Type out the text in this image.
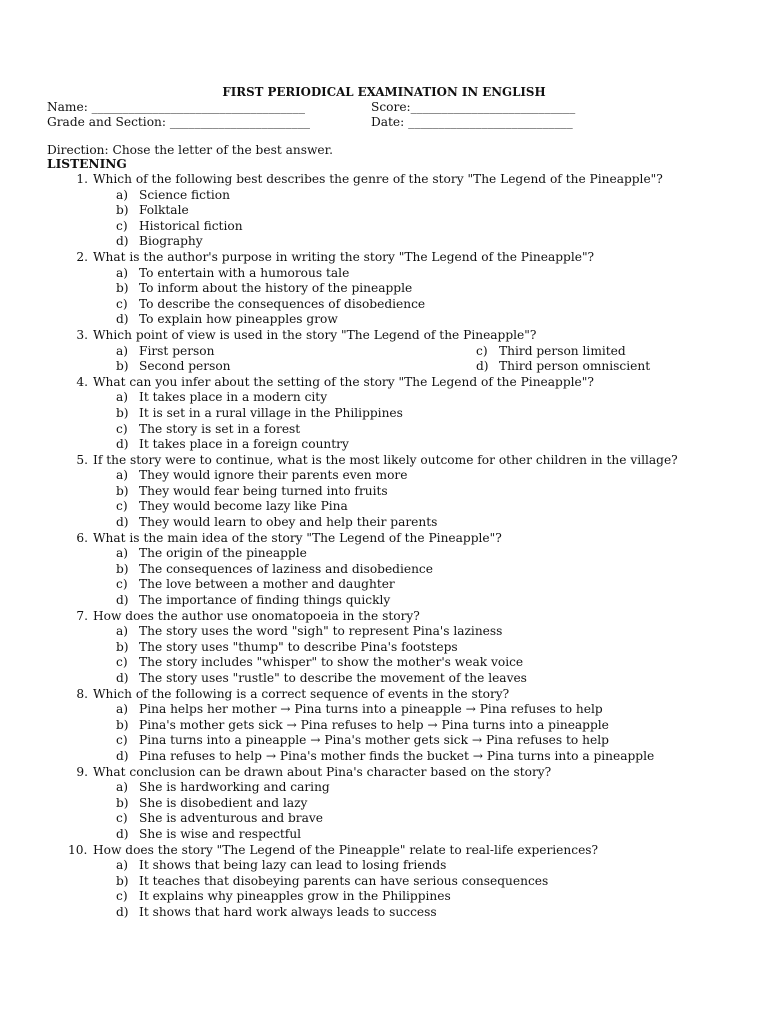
FIRST PERIODICAL EXAMINATION IN ENGLISH
Name: ___________________________________	Score:___________________________
Grade and Section: _______________________	Date: ___________________________
Direction: Chose the letter of the best answer.
LISTENING
1. Which of the following best describes the genre of the story "The Legend of the Pineapple"?
a) Science fiction
b) Folktale
c) Historical fiction
d) Biography
2. What is the author's purpose in writing the story "The Legend of the Pineapple"?
a) To entertain with a humorous tale
b) To inform about the history of the pineapple
c) To describe the consequences of disobedience
d) To explain how pineapples grow
3. Which point of view is used in the story "The Legend of the Pineapple"?
a) First person	c) Third person limited
b) Second person	d) Third person omniscient
4. What can you infer about the setting of the story "The Legend of the Pineapple"?
a) It takes place in a modern city
b) It is set in a rural village in the Philippines
c) The story is set in a forest
d) It takes place in a foreign country
5. If the story were to continue, what is the most likely outcome for other children in the village?
a) They would ignore their parents even more
b) They would fear being turned into fruits
c) They would become lazy like Pina
d) They would learn to obey and help their parents
6. What is the main idea of the story "The Legend of the Pineapple"?
a) The origin of the pineapple
b) The consequences of laziness and disobedience
c) The love between a mother and daughter
d) The importance of finding things quickly
7. How does the author use onomatopoeia in the story?
a) The story uses the word "sigh" to represent Pina's laziness
b) The story uses "thump" to describe Pina's footsteps
c) The story includes "whisper" to show the mother's weak voice
d) The story uses "rustle" to describe the movement of the leaves
8. Which of the following is a correct sequence of events in the story?
a) Pina helps her mother → Pina turns into a pineapple → Pina refuses to help
b) Pina's mother gets sick → Pina refuses to help → Pina turns into a pineapple
c) Pina turns into a pineapple → Pina's mother gets sick → Pina refuses to help
d) Pina refuses to help → Pina's mother finds the bucket → Pina turns into a pineapple
9. What conclusion can be drawn about Pina's character based on the story?
a) She is hardworking and caring
b) She is disobedient and lazy
c) She is adventurous and brave
d) She is wise and respectful
10. How does the story "The Legend of the Pineapple" relate to real-life experiences?
a) It shows that being lazy can lead to losing friends
b) It teaches that disobeying parents can have serious consequences
c) It explains why pineapples grow in the Philippines
d) It shows that hard work always leads to success
